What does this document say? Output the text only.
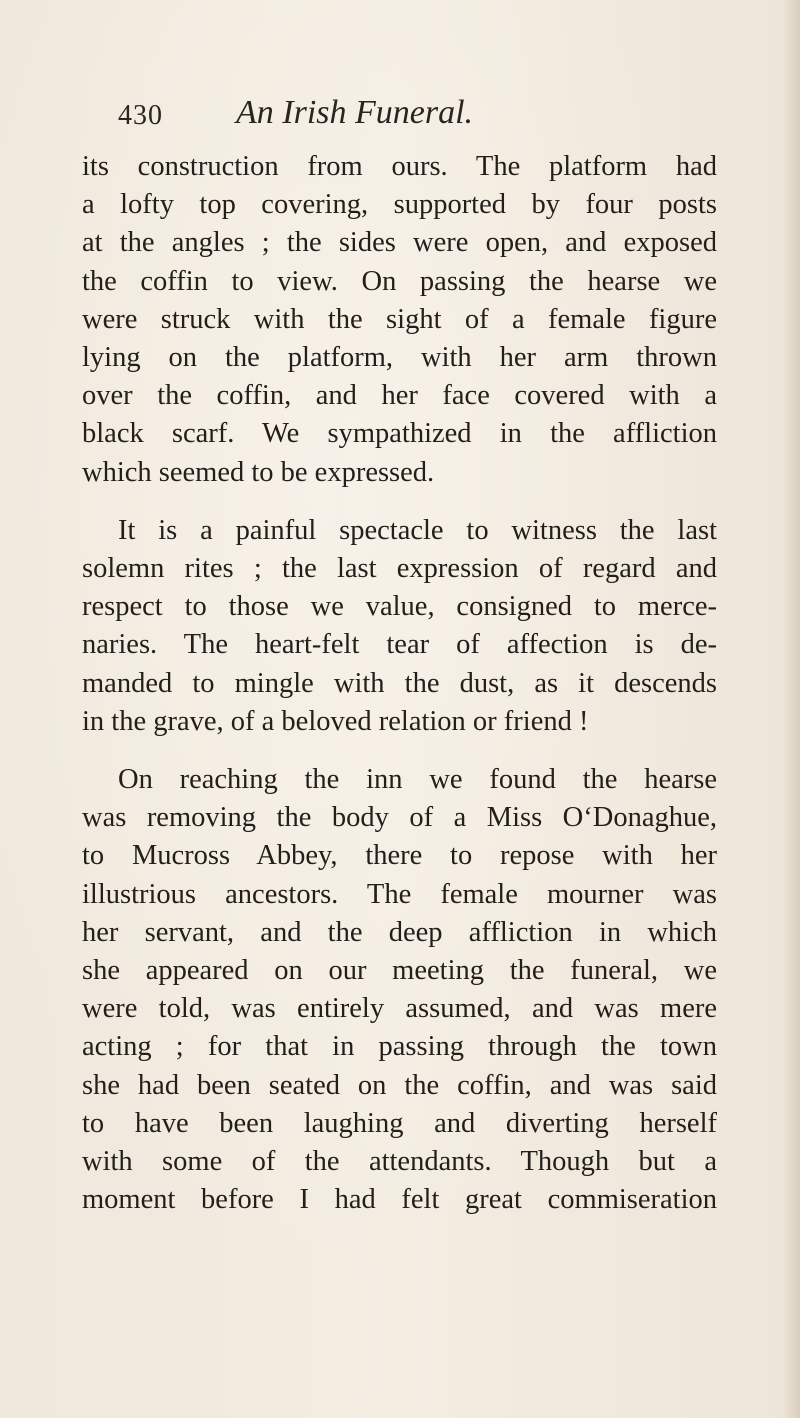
430 An Irish Funeral.

its construction from ours. The platform had
a lofty top covering, supported by four posts
at the angles ; the sides were open, and exposed
the coffin to view. On passing the hearse we
were struck with the sight of a female figure
lying on the platform, with her arm thrown
over the coffin, and her face covered with a
black scarf. We sympathized in the affliction
which seemed to be expressed.

It is a painful spectacle to witness the last
solemn rites ; the last expression of regard and
respect to those we value, consigned to merce-
naries. The heart-felt tear of affection is de-
manded to mingle with the dust, as it descends
in the grave, of a beloved relation or friend !

On reaching the inn we found the hearse
was removing the body of a Miss O‘Donaghue,
to Mucross Abbey, there to repose with her
illustrious ancestors. The female mourner was
her servant, and the deep affliction in which
she appeared on our meeting the funeral, we
were told, was entirely assumed, and was mere
acting ; for that in passing through the town
she had been seated on the coffin, and was said
to have been laughing and diverting herself
with some of the attendants. Though but a
moment before I had felt great commiseration
